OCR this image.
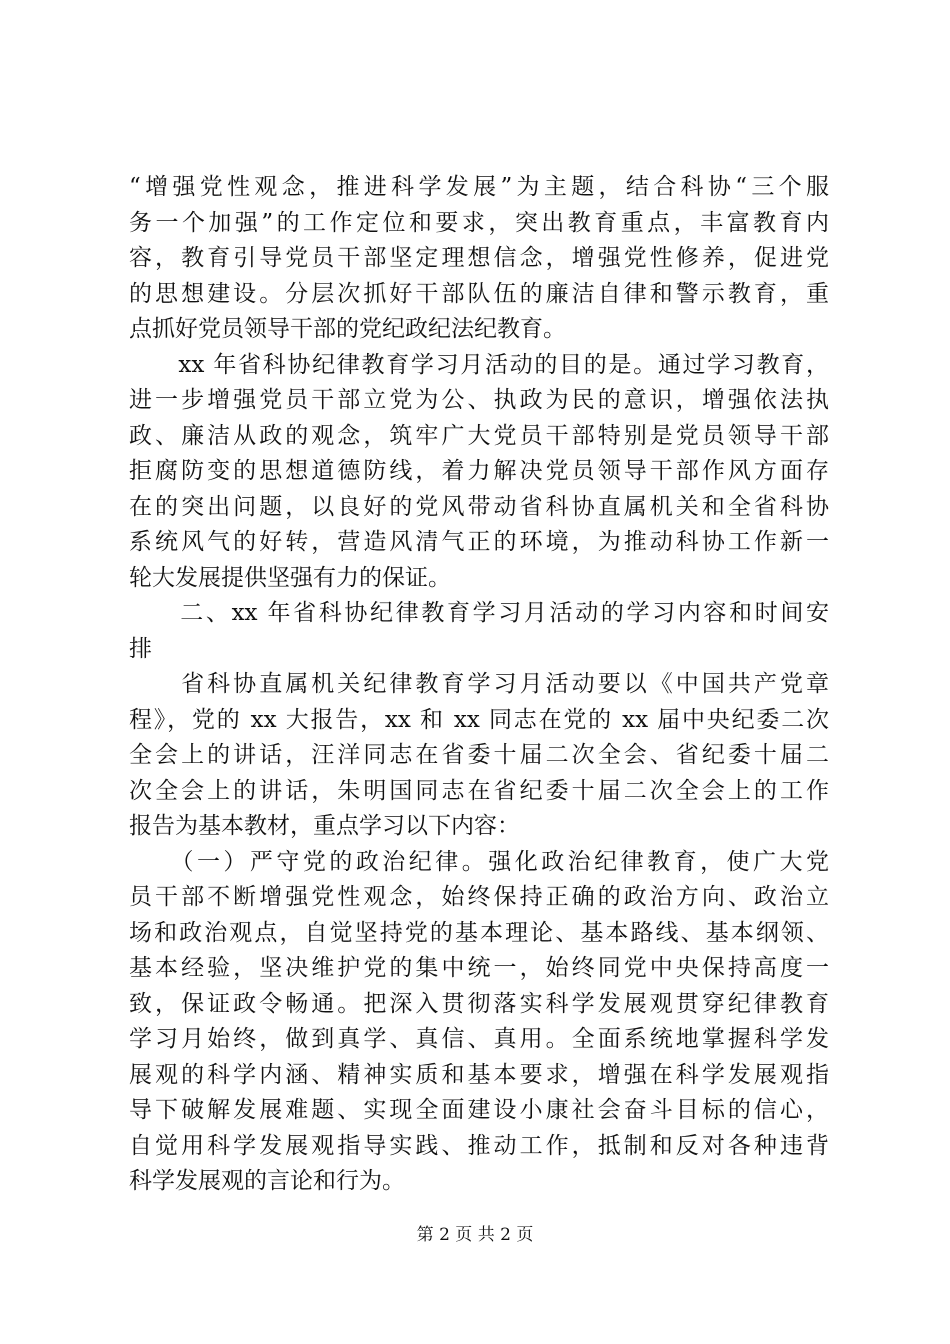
“增强党性观念，推进科学发展”为主题，结合科协“三个服
务一个加强”的工作定位和要求，突出教育重点，丰富教育内
容，教育引导党员干部坚定理想信念，增强党性修养，促进党
的思想建设。分层次抓好干部队伍的廉洁自律和警示教育，重
点抓好党员领导干部的党纪政纪法纪教育。
　　xx 年省科协纪律教育学习月活动的目的是。通过学习教育，
进一步增强党员干部立党为公、执政为民的意识，增强依法执
政、廉洁从政的观念，筑牢广大党员干部特别是党员领导干部
拒腐防变的思想道德防线，着力解决党员领导干部作风方面存
在的突出问题，以良好的党风带动省科协直属机关和全省科协
系统风气的好转，营造风清气正的环境，为推动科协工作新一
轮大发展提供坚强有力的保证。
　　二、xx 年省科协纪律教育学习月活动的学习内容和时间安
排
　　省科协直属机关纪律教育学习月活动要以《中国共产党章
程》，党的 xx 大报告，xx 和 xx 同志在党的 xx 届中央纪委二次
全会上的讲话，汪洋同志在省委十届二次全会、省纪委十届二
次全会上的讲话，朱明国同志在省纪委十届二次全会上的工作
报告为基本教材，重点学习以下内容：
　　（一）严守党的政治纪律。强化政治纪律教育，使广大党
员干部不断增强党性观念，始终保持正确的政治方向、政治立
场和政治观点，自觉坚持党的基本理论、基本路线、基本纲领、
基本经验，坚决维护党的集中统一，始终同党中央保持高度一
致，保证政令畅通。把深入贯彻落实科学发展观贯穿纪律教育
学习月始终，做到真学、真信、真用。全面系统地掌握科学发
展观的科学内涵、精神实质和基本要求，增强在科学发展观指
导下破解发展难题、实现全面建设小康社会奋斗目标的信心，
自觉用科学发展观指导实践、推动工作，抵制和反对各种违背
科学发展观的言论和行为。
第 2 页 共 2 页
